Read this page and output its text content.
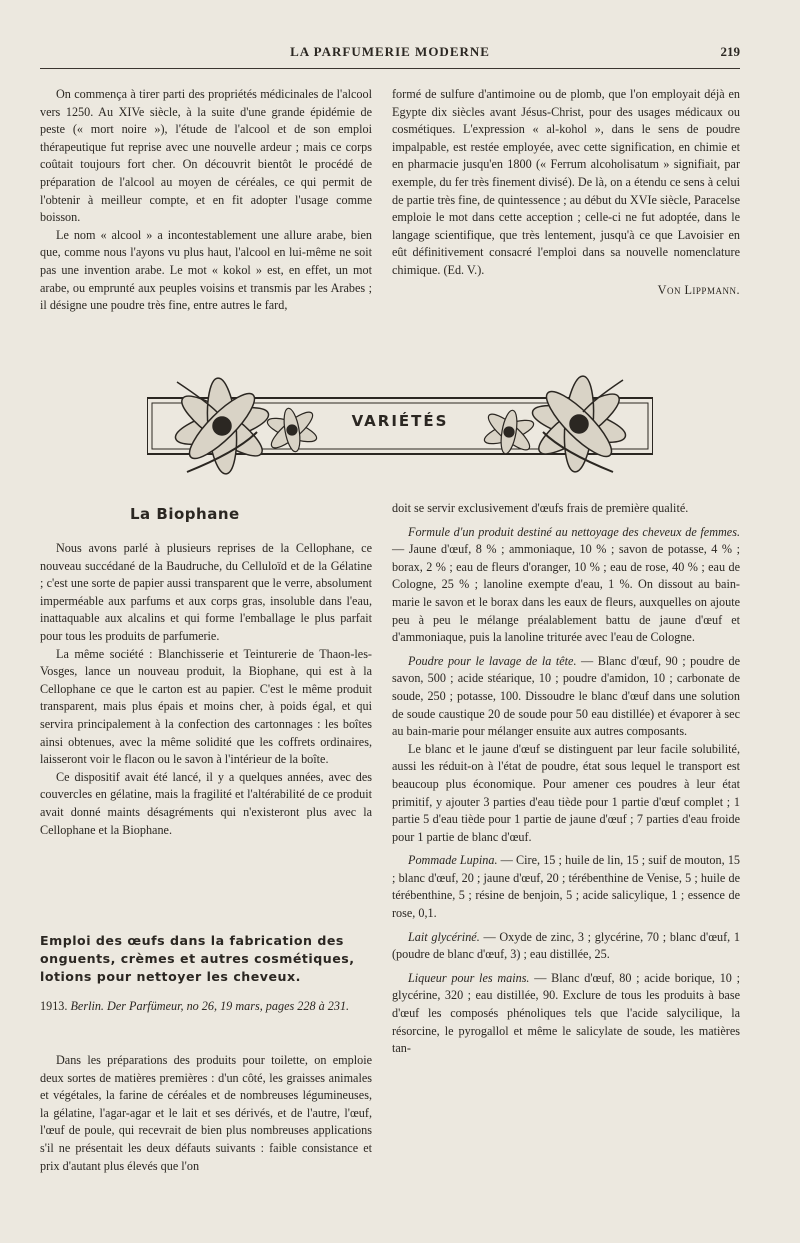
LA PARFUMERIE MODERNE	219

On commença à tirer parti des propriétés médicinales de l'alcool vers 1250. Au XIVe siècle, à la suite d'une grande épidémie de peste (« mort noire »), l'étude de l'alcool et de son emploi thérapeutique fut reprise avec une nouvelle ardeur ; mais ce corps coûtait toujours fort cher. On découvrit bientôt le procédé de préparation de l'alcool au moyen de céréales, ce qui permit de l'obtenir à meilleur compte, et en fit adopter l'usage comme boisson.

Le nom « alcool » a incontestablement une allure arabe, bien que, comme nous l'ayons vu plus haut, l'alcool en lui-même ne soit pas une invention arabe. Le mot « kokol » est, en effet, un mot arabe, ou emprunté aux peuples voisins et transmis par les Arabes ; il désigne une poudre très fine, entre autres le fard,

formé de sulfure d'antimoine ou de plomb, que l'on employait déjà en Egypte dix siècles avant Jésus-Christ, pour des usages médicaux ou cosmétiques. L'expression « al-kohol », dans le sens de poudre impalpable, est restée employée, avec cette signification, en chimie et en pharmacie jusqu'en 1800 (« Ferrum alcoholisatum » signifiait, par exemple, du fer très finement divisé). De là, on a étendu ce sens à celui de partie très fine, de quintessence ; au début du XVIe siècle, Paracelse emploie le mot dans cette acception ; celle-ci ne fut adoptée, dans le langage scientifique, que très lentement, jusqu'à ce que Lavoisier en eût définitivement consacré l'emploi dans sa nouvelle nomenclature chimique. (Ed. V.).

Von Lippmann.
VARIÉTÉS
La Biophane

Nous avons parlé à plusieurs reprises de la Cellophane, ce nouveau succédané de la Baudruche, du Celluloïd et de la Gélatine ; c'est une sorte de papier aussi transparent que le verre, absolument imperméable aux parfums et aux corps gras, insoluble dans l'eau, inattaquable aux alcalins et qui forme l'emballage le plus parfait pour tous les produits de parfumerie.

La même société : Blanchisserie et Teinturerie de Thaon-les-Vosges, lance un nouveau produit, la Biophane, qui est à la Cellophane ce que le carton est au papier. C'est le même produit transparent, mais plus épais et moins cher, à poids égal, et qui servira principalement à la confection des cartonnages : les boîtes ainsi obtenues, avec la même solidité que les coffrets ordinaires, laisseront voir le flacon ou le savon à l'intérieur de la boîte.

Ce dispositif avait été lancé, il y a quelques années, avec des couvercles en gélatine, mais la fragilité et l'altérabilité de ce produit avait donné maints désagréments qui n'existeront plus avec la Cellophane et la Biophane.

Emploi des œufs dans la fabrication des onguents, crèmes et autres cosmétiques, lotions pour nettoyer les cheveux.
1913. Berlin. Der Parfümeur, no 26, 19 mars, pages 228 à 231.

Dans les préparations des produits pour toilette, on emploie deux sortes de matières premières : d'un côté, les graisses animales et végétales, la farine de céréales et de nombreuses légumineuses, la gélatine, l'agar-agar et le lait et ses dérivés, et de l'autre, l'œuf, l'œuf de poule, qui recevrait de bien plus nombreuses applications s'il ne présentait les deux défauts suivants : faible consistance et prix d'autant plus élevés que l'on

doit se servir exclusivement d'œufs frais de première qualité.

Formule d'un produit destiné au nettoyage des cheveux de femmes. — Jaune d'œuf, 8 % ; ammoniaque, 10 % ; savon de potasse, 4 % ; borax, 2 % ; eau de fleurs d'oranger, 10 % ; eau de rose, 40 % ; eau de Cologne, 25 % ; lanoline exempte d'eau, 1 %. On dissout au bain-marie le savon et le borax dans les eaux de fleurs, auxquelles on ajoute peu à peu le mélange préalablement battu de jaune d'œuf et d'ammoniaque, puis la lanoline triturée avec l'eau de Cologne.

Poudre pour le lavage de la tête. — Blanc d'œuf, 90 ; poudre de savon, 500 ; acide stéarique, 10 ; poudre d'amidon, 10 ; carbonate de soude, 250 ; potasse, 100. Dissoudre le blanc d'œuf dans une solution de soude caustique 20 de soude pour 50 eau distillée) et évaporer à sec au bain-marie pour mélanger ensuite aux autres composants.

Le blanc et le jaune d'œuf se distinguent par leur facile solubilité, aussi les réduit-on à l'état de poudre, état sous lequel le transport est beaucoup plus économique. Pour amener ces poudres à leur état primitif, y ajouter 3 parties d'eau tiède pour 1 partie d'œuf complet ; 1 partie 5 d'eau tiède pour 1 partie de jaune d'œuf ; 7 parties d'eau froide pour 1 partie de blanc d'œuf.

Pommade Lupina. — Cire, 15 ; huile de lin, 15 ; suif de mouton, 15 ; blanc d'œuf, 20 ; jaune d'œuf, 20 ; térébenthine de Venise, 5 ; huile de térébenthine, 5 ; résine de benjoin, 5 ; acide salicylique, 1 ; essence de rose, 0,1.

Lait glycériné. — Oxyde de zinc, 3 ; glycérine, 70 ; blanc d'œuf, 1 (poudre de blanc d'œuf, 3) ; eau distillée, 25.

Liqueur pour les mains. — Blanc d'œuf, 80 ; acide borique, 10 ; glycérine, 320 ; eau distillée, 90. Exclure de tous les produits à base d'œuf les composés phénoliques tels que l'acide salycilique, la résorcine, le pyrogallol et même le salicylate de soude, les matières tan-
